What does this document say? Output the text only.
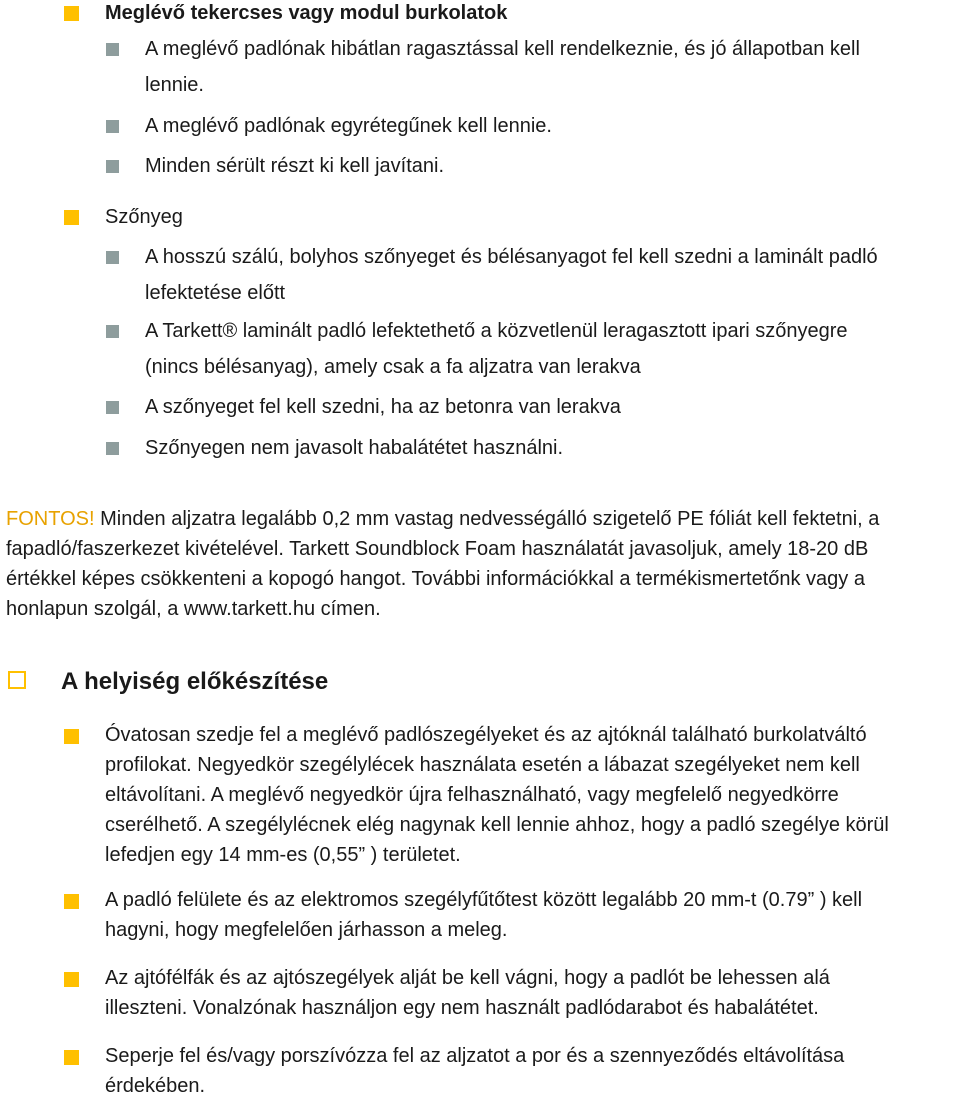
Meglévő tekercses vagy modul burkolatok

A meglévő padlónak hibátlan ragasztással kell rendelkeznie, és jó állapotban kell

lennie.

A meglévő padlónak egyrétegűnek kell lennie.

Minden sérült részt ki kell javítani.

Szőnyeg

A hosszú szálú, bolyhos szőnyeget és bélésanyagot fel kell szedni a laminált padló

lefektetése előtt

A Tarkett® laminált padló lefektethető a közvetlenül leragasztott ipari szőnyegre

(nincs bélésanyag), amely csak a fa aljzatra van lerakva

A szőnyeget fel kell szedni, ha az betonra van lerakva

Szőnyegen nem javasolt habalátétet használni.

FONTOS! Minden aljzatra legalább 0,2 mm vastag nedvességálló szigetelő PE fóliát kell fektetni, a

fapadló/faszerkezet kivételével. Tarkett Soundblock Foam használatát javasoljuk, amely 18-20 dB

értékkel képes csökkenteni a kopogó hangot. További információkkal a termékismertetőnk vagy a

honlapun szolgál, a www.tarkett.hu címen.

A helyiség előkészítése

Óvatosan szedje fel a meglévő padlószegélyeket és az ajtóknál található burkolatváltó

profilokat. Negyedkör szegélylécek használata esetén a lábazat szegélyeket nem kell

eltávolítani. A meglévő negyedkör újra felhasználható, vagy megfelelő negyedkörre

cserélhető. A szegélylécnek elég nagynak kell lennie ahhoz, hogy a padló szegélye körül

lefedjen egy 14 mm-es (0,55” ) területet.

A padló felülete és az elektromos szegélyfűtőtest között legalább 20 mm-t (0.79” ) kell

hagyni, hogy megfelelően járhasson a meleg.

Az ajtófélfák és az ajtószegélyek alját be kell vágni, hogy a padlót be lehessen alá

illeszteni. Vonalzónak használjon egy nem használt padlódarabot és habalátétet.

Seperje fel és/vagy porszívózza fel az aljzatot a por és a szennyeződés eltávolítása

érdekében.
